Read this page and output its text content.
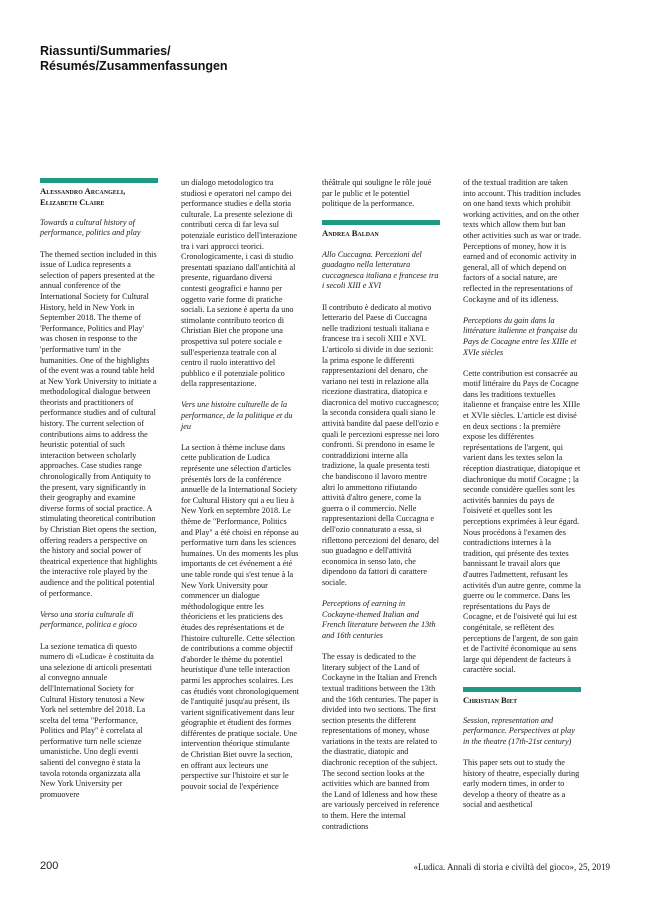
Riassunti/Summaries/
Résumés/Zusammenfassungen

Alessandro Arcangeli, Elizabeth Claire

Towards a cultural history of performance, politics and play

The themed section included in this issue of Ludica represents a selection of papers presented at the annual conference of the International Society for Cultural History, held in New York in September 2018. The theme of 'Performance, Politics and Play' was chosen in response to the 'performative turn' in the humanities. One of the highlights of the event was a round table held at New York University to initiate a methodological dialogue between theorists and practitioners of performance studies and of cultural history. The current selection of contributions aims to address the heuristic potential of such interaction between scholarly approaches. Case studies range chronologically from Antiquity to the present, vary significantly in their geography and examine diverse forms of social practice. A stimulating theoretical contribution by Christian Biet opens the section, offering readers a perspective on the history and social power of theatrical experience that highlights the interactive role played by the audience and the political potential of performance.

Verso una storia culturale di performance, politica e gioco

La sezione tematica di questo numero di «Ludica» è costituita da una selezione di articoli presentati al convegno annuale dell'International Society for Cultural History tenutosi a New York nel settembre del 2018. La scelta del tema "Performance, Politics and Play" è correlata al performative turn nelle scienze umanistiche. Uno degli eventi salienti del convegno è stata la tavola rotonda organizzata alla New York University per promuovere

un dialogo metodologico tra studiosi e operatori nel campo dei performance studies e della storia culturale. La presente selezione di contributi cerca di far leva sul potenziale euristico dell'interazione tra i vari approcci teorici. Cronologicamente, i casi di studio presentati spaziano dall'antichità al presente, riguardano diversi contesti geografici e hanno per oggetto varie forme di pratiche sociali. La sezione è aperta da uno stimolante contributo teorico di Christian Biet che propone una prospettiva sul potere sociale e sull'esperienza teatrale con al centro il ruolo interattivo del pubblico e il potenziale politico della rappresentazione.

Vers une histoire culturelle de la performance, de la politique et du jeu

La section à thème incluse dans cette publication de Ludica représente une sélection d'articles présentés lors de la conférence annuelle de la International Society for Cultural History qui a eu lieu à New York en septembre 2018. Le thème de "Performance, Politics and Play" a été choisi en réponse au performative turn dans les sciences humaines. Un des moments les plus importants de cet événement a été une table ronde qui s'est tenue à la New York University pour commencer un dialogue méthodologique entre les théoriciens et les praticiens des études des représentations et de l'histoire culturelle. Cette sélection de contributions a comme objectif d'aborder le thème du potentiel heuristique d'une telle interaction parmi les approches scolaires. Les cas étudiés vont chronologiquement de l'antiquité jusqu'au présent, ils varient significativement dans leur géographie et étudient des formes différentes de pratique sociale. Une intervention théorique stimulante de Christian Biet ouvre la section, en offrant aux lecteurs une perspective sur l'histoire et sur le pouvoir social de l'expérience

théâtrale qui souligne le rôle joué par le public et le potentiel politique de la performance.

Andrea Baldan

Allo Cuccagna. Percezioni del guadagno nella letteratura cuccagnesca italiana e francese tra i secoli XIII e XVI

Il contributo è dedicato al motivo letterario del Paese di Cuccagna nelle tradizioni testuali italiana e francese tra i secoli XIII e XVI. L'articolo si divide in due sezioni: la prima espone le differenti rappresentazioni del denaro, che variano nei testi in relazione alla ricezione diastratica, diatopica e diacronica del motivo cuccagnesco; la seconda considera quali siano le attività bandite dal paese dell'ozio e quali le percezioni espresse nei loro confronti. Si prendono in esame le contraddizioni interne alla tradizione, la quale presenta testi che bandiscono il lavoro mentre altri lo ammettono rifiutando attività d'altro genere, come la guerra o il commercio. Nelle rappresentazioni della Cuccagna e dell'ozio connaturato a essa, si riflettono percezioni del denaro, del suo guadagno e dell'attività economica in senso lato, che dipendono da fattori di carattere sociale.

Perceptions of earning in Cockayne-themed Italian and French literature between the 13th and 16th centuries

The essay is dedicated to the literary subject of the Land of Cockayne in the Italian and French textual traditions between the 13th and the 16th centuries. The paper is divided into two sections. The first section presents the different representations of money, whose variations in the texts are related to the diastratic, diatopic and diachronic reception of the subject. The second section looks at the activities which are banned from the Land of Idleness and how these are variously perceived in reference to them. Here the internal contradictions

of the textual tradition are taken into account. This tradition includes on one hand texts which prohibit working activities, and on the other texts which allow them but ban other activities such as war or trade. Perceptions of money, how it is earned and of economic activity in general, all of which depend on factors of a social nature, are reflected in the representations of Cockayne and of its idleness.

Perceptions du gain dans la littérature italienne et française du Pays de Cocagne entre les XIIIe et XVIe siècles

Cette contribution est consacrée au motif littéraire du Pays de Cocagne dans les traditions textuelles italienne et française entre les XIIIe et XVIe siècles. L'article est divisé en deux sections : la première expose les différentes représentations de l'argent, qui varient dans les textes selon la réception diastratique, diatopique et diachronique du motif Cocagne ; la seconde considère quelles sont les activités bannies du pays de l'oisiveté et quelles sont les perceptions exprimées à leur égard. Nous procédons à l'examen des contradictions internes à la tradition, qui présente des textes bannissant le travail alors que d'autres l'admettent, refusant les activités d'un autre genre, comme la guerre ou le commerce. Dans les représentations du Pays de Cocagne, et de l'oisiveté qui lui est congénitale, se reflètent des perceptions de l'argent, de son gain et de l'activité économique au sens large qui dépendent de facteurs à caractère social.

Christian Biet

Session, representation and performance. Perspectives at play in the theatre (17th-21st century)

This paper sets out to study the history of theatre, especially during early modern times, in order to develop a theory of theatre as a social and aesthetical

200	«Ludica. Annali di storia e civiltà del gioco», 25, 2019
